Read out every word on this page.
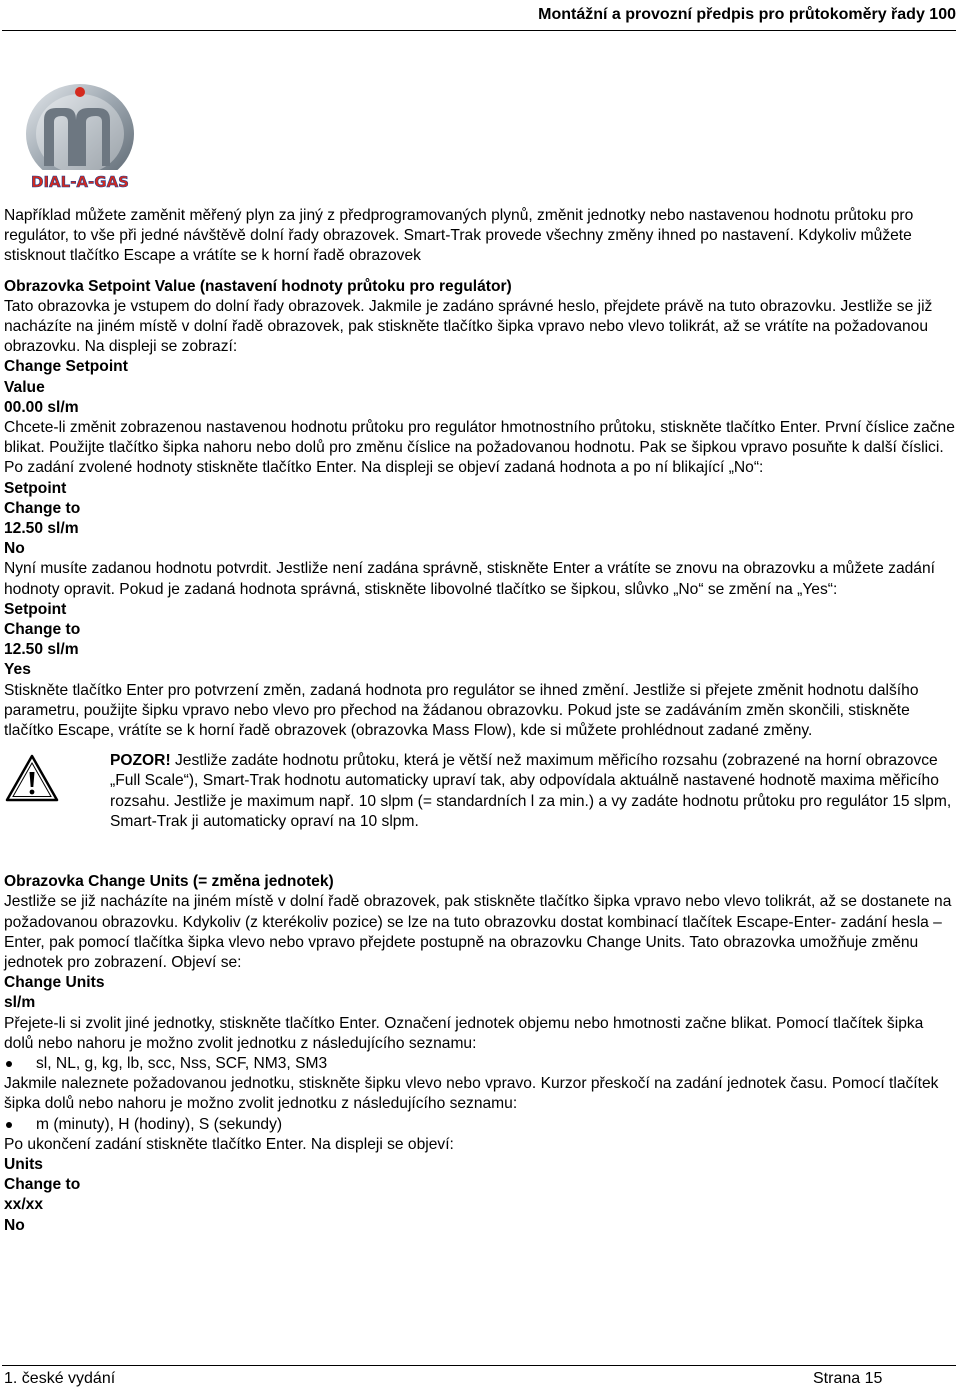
Montážní a provozní předpis pro průtokoměry řady 100
DIAL-A-GAS

Například můžete zaměnit měřený plyn za jiný z předprogramovaných plynů, změnit jednotky nebo nastavenou hodnotu průtoku pro regulátor, to vše při jedné návštěvě dolní řady obrazovek. Smart-Trak provede všechny změny ihned po nastavení. Kdykoliv můžete stisknout tlačítko Escape a vrátíte se k horní řadě obrazovek

Obrazovka Setpoint Value (nastavení hodnoty průtoku pro regulátor)

Tato obrazovka je vstupem do dolní řady obrazovek. Jakmile je zadáno správné heslo, přejdete právě na tuto obrazovku. Jestliže se již nacházíte na jiném místě v dolní řadě obrazovek, pak stiskněte tlačítko šipka vpravo nebo vlevo tolikrát, až se vrátíte na požadovanou obrazovku. Na displeji se zobrazí:

Change Setpoint

Value

00.00 sl/m

Chcete-li změnit zobrazenou nastavenou hodnotu průtoku pro regulátor hmotnostního průtoku, stiskněte tlačítko Enter. První číslice začne blikat. Použijte tlačítko šipka nahoru nebo dolů pro změnu číslice na požadovanou hodnotu. Pak se šipkou vpravo posuňte k další číslici. Po zadání zvolené hodnoty stiskněte tlačítko Enter. Na displeji se objeví zadaná hodnota a po ní blikající „No“:

Setpoint

Change to

12.50 sl/m

No

Nyní musíte zadanou hodnotu potvrdit. Jestliže není zadána správně, stiskněte Enter a vrátíte se znovu na obrazovku a můžete zadání hodnoty opravit. Pokud je zadaná hodnota správná, stiskněte libovolné tlačítko se šipkou, slůvko „No“ se změní na „Yes“:

Setpoint

Change to

12.50 sl/m

Yes

Stiskněte tlačítko Enter pro potvrzení změn, zadaná hodnota pro regulátor se ihned změní. Jestliže si přejete změnit hodnotu dalšího parametru, použijte šipku vpravo nebo vlevo pro přechod na žádanou obrazovku. Pokud jste se zadáváním změn skončili, stiskněte tlačítko Escape, vrátíte se k horní řadě obrazovek (obrazovka Mass Flow), kde si můžete prohlédnout zadané změny.

POZOR! Jestliže zadáte hodnotu průtoku, která je větší než maximum měřicího rozsahu (zobrazené na horní obrazovce „Full Scale“), Smart-Trak hodnotu automaticky upraví tak, aby odpovídala aktuálně nastavené hodnotě maxima měřicího rozsahu. Jestliže je maximum např. 10 slpm (= standardních l za min.) a vy zadáte hodnotu průtoku pro regulátor 15 slpm, Smart-Trak ji automaticky opraví na 10 slpm.

Obrazovka Change Units (= změna jednotek)

Jestliže se již nacházíte na jiném místě v dolní řadě obrazovek, pak stiskněte tlačítko šipka vpravo nebo vlevo tolikrát, až se dostanete na požadovanou obrazovku. Kdykoliv (z kterékoliv pozice) se lze na tuto obrazovku dostat kombinací tlačítek Escape-Enter- zadání hesla – Enter, pak pomocí tlačítka šipka vlevo nebo vpravo přejdete postupně na obrazovku Change Units. Tato obrazovka umožňuje změnu jednotek pro zobrazení. Objeví se:

Change Units

sl/m

Přejete-li si zvolit jiné jednotky, stiskněte tlačítko Enter. Označení jednotek objemu nebo hmotnosti začne blikat. Pomocí tlačítek šipka dolů nebo nahoru je možno zvolit jednotku z následujícího seznamu:

sl, NL, g, kg, lb, scc, Nss, SCF, NM3, SM3

Jakmile naleznete požadovanou jednotku, stiskněte šipku vlevo nebo vpravo. Kurzor přeskočí na zadání jednotek času. Pomocí tlačítek šipka dolů nebo nahoru je možno zvolit jednotku z následujícího seznamu:

m (minuty), H (hodiny), S (sekundy)

Po ukončení zadání stiskněte tlačítko Enter. Na displeji se objeví:

Units

Change to

xx/xx

No

1. české vydání	Strana 15
